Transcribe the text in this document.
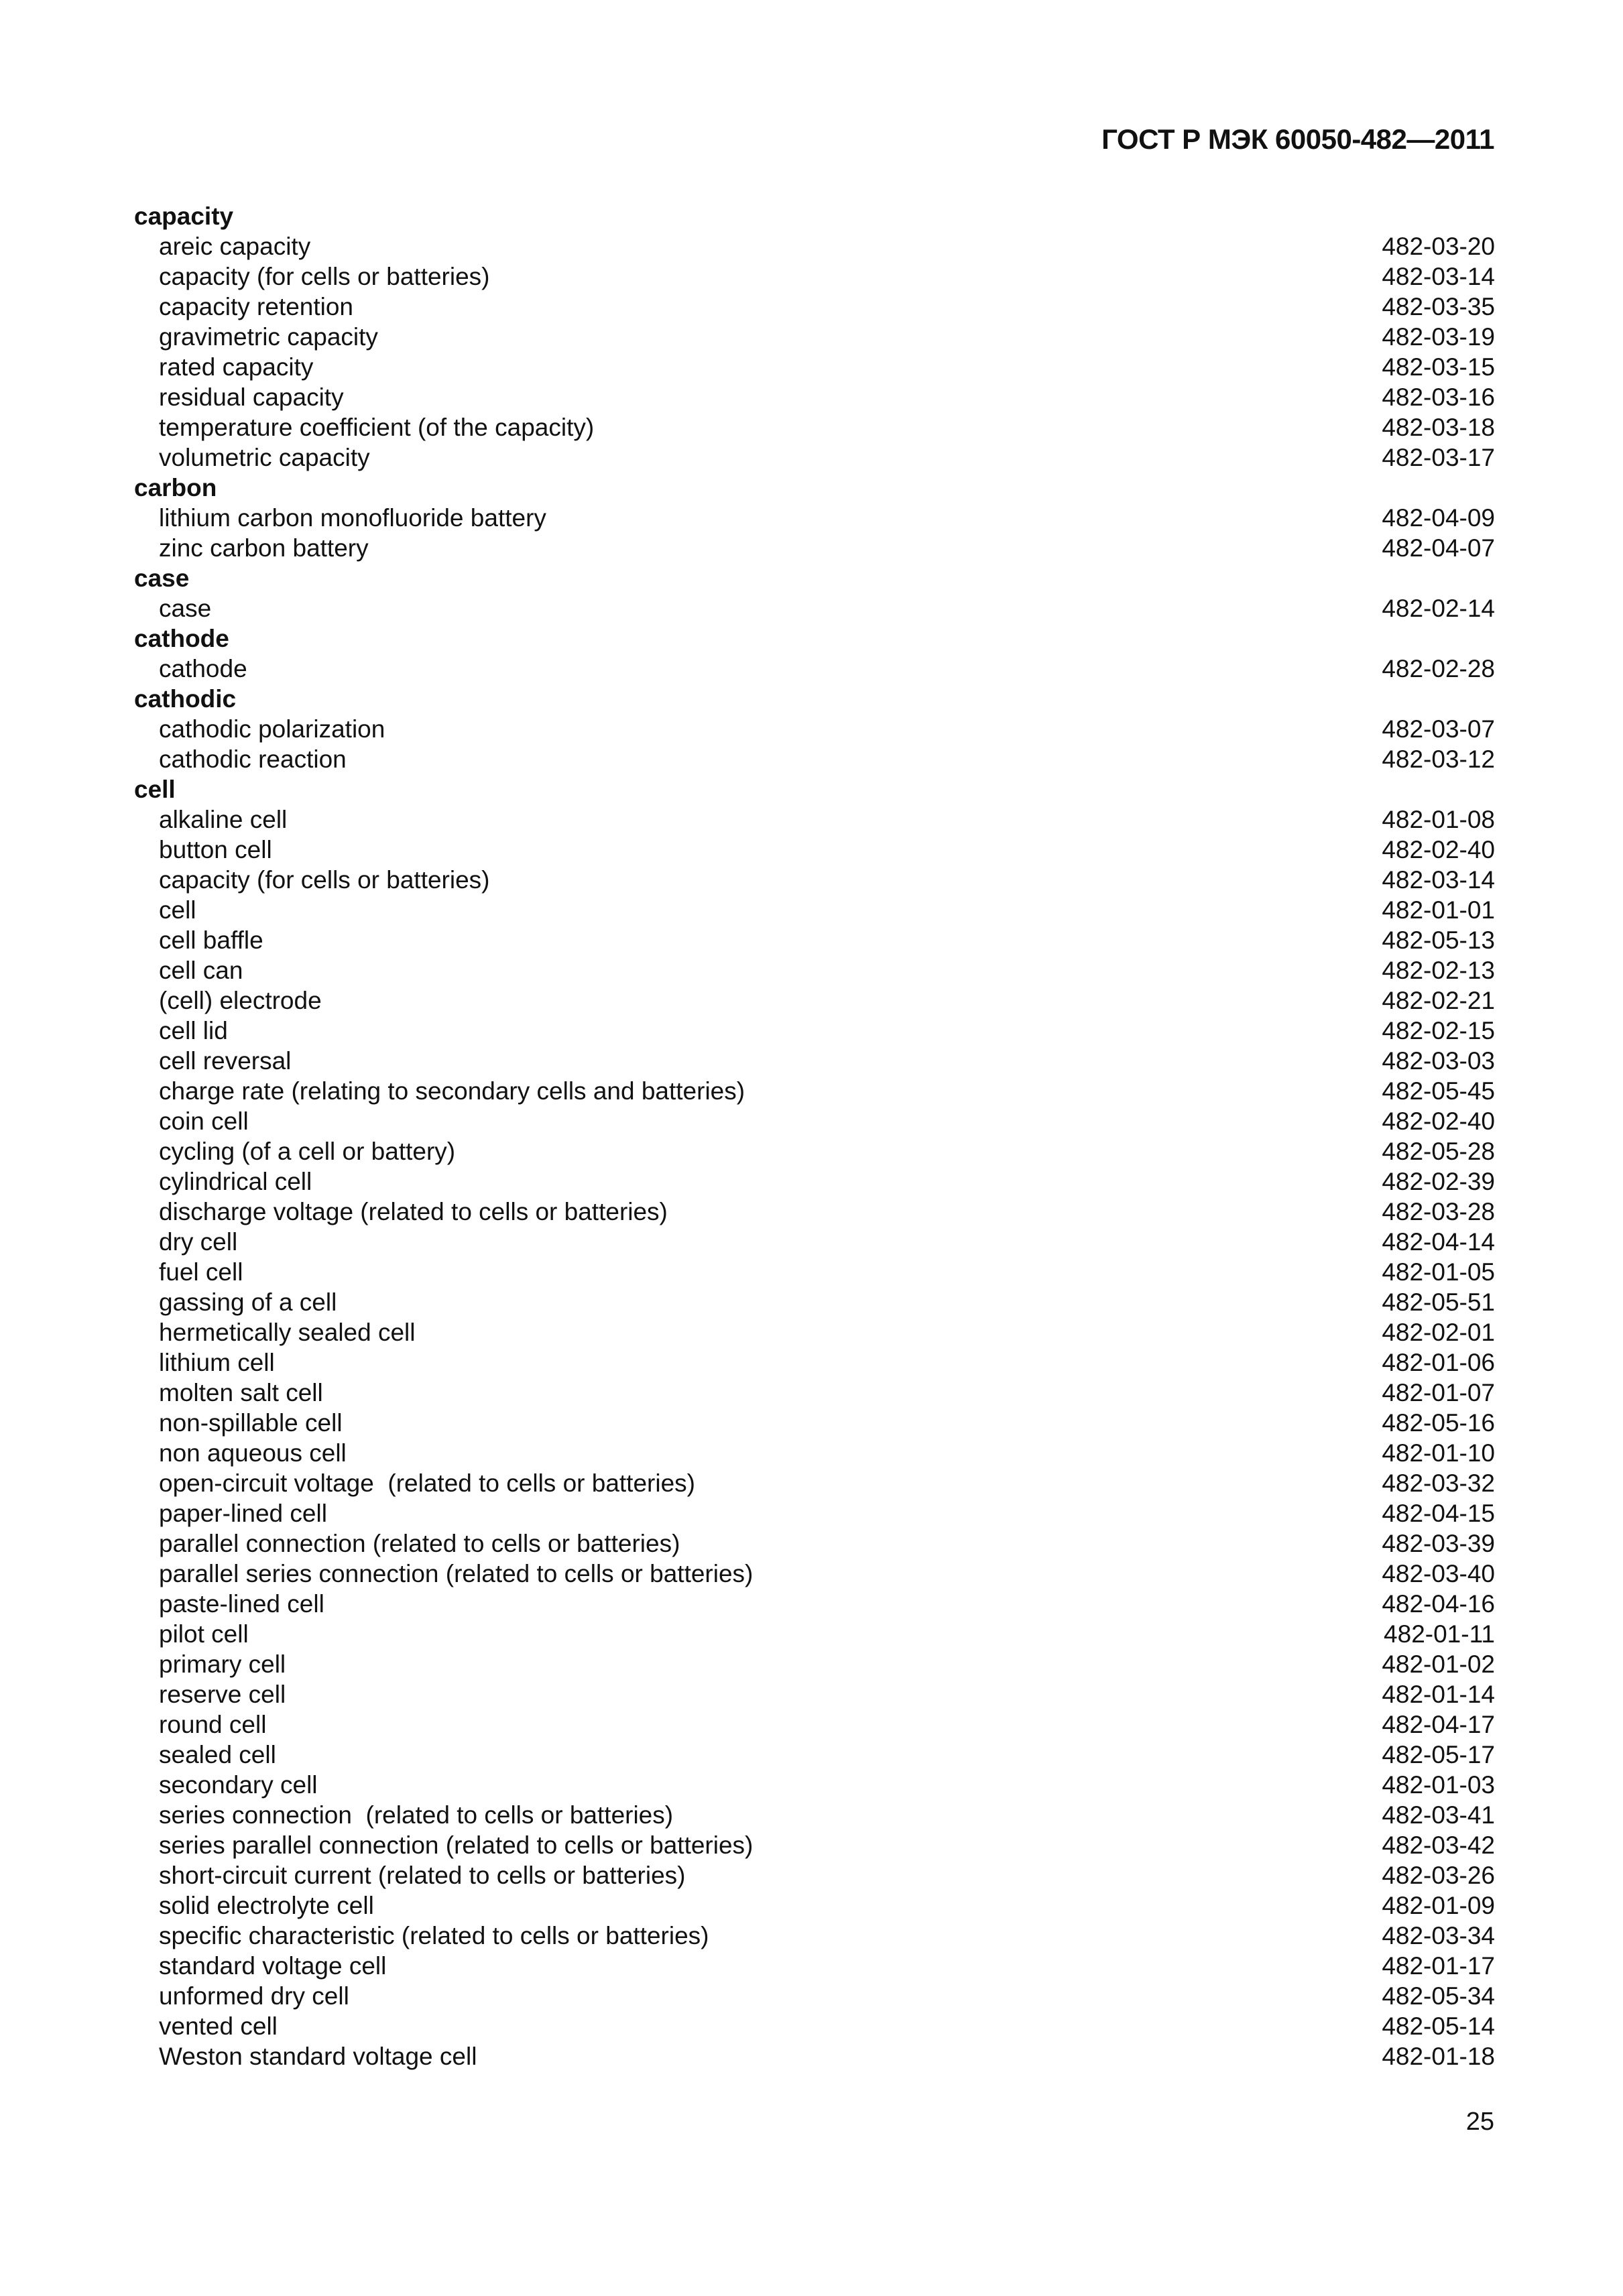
ГОСТ Р МЭК 60050-482—2011
capacity
areic capacity	482-03-20
capacity (for cells or batteries)	482-03-14
capacity retention	482-03-35
gravimetric capacity	482-03-19
rated capacity	482-03-15
residual capacity	482-03-16
temperature coefficient (of the capacity)	482-03-18
volumetric capacity	482-03-17
carbon
lithium carbon monofluoride battery	482-04-09
zinc carbon battery	482-04-07
case
case	482-02-14
cathode
cathode	482-02-28
cathodic
cathodic polarization	482-03-07
cathodic reaction	482-03-12
cell
alkaline cell	482-01-08
button cell	482-02-40
capacity (for cells or batteries)	482-03-14
cell	482-01-01
cell baffle	482-05-13
cell can	482-02-13
(cell) electrode	482-02-21
cell lid	482-02-15
cell reversal	482-03-03
charge rate (relating to secondary cells and batteries)	482-05-45
coin cell	482-02-40
cycling (of a cell or battery)	482-05-28
cylindrical cell	482-02-39
discharge voltage (related to cells or batteries)	482-03-28
dry cell	482-04-14
fuel cell	482-01-05
gassing of a cell	482-05-51
hermetically sealed cell	482-02-01
lithium cell	482-01-06
molten salt cell	482-01-07
non-spillable cell	482-05-16
non aqueous cell	482-01-10
open-circuit voltage  (related to cells or batteries)	482-03-32
paper-lined cell	482-04-15
parallel connection (related to cells or batteries)	482-03-39
parallel series connection (related to cells or batteries)	482-03-40
paste-lined cell	482-04-16
pilot cell	482-01-11
primary cell	482-01-02
reserve cell	482-01-14
round cell	482-04-17
sealed cell	482-05-17
secondary cell	482-01-03
series connection  (related to cells or batteries)	482-03-41
series parallel connection (related to cells or batteries)	482-03-42
short-circuit current (related to cells or batteries)	482-03-26
solid electrolyte cell	482-01-09
specific characteristic (related to cells or batteries)	482-03-34
standard voltage cell	482-01-17
unformed dry cell	482-05-34
vented cell	482-05-14
Weston standard voltage cell	482-01-18
25
